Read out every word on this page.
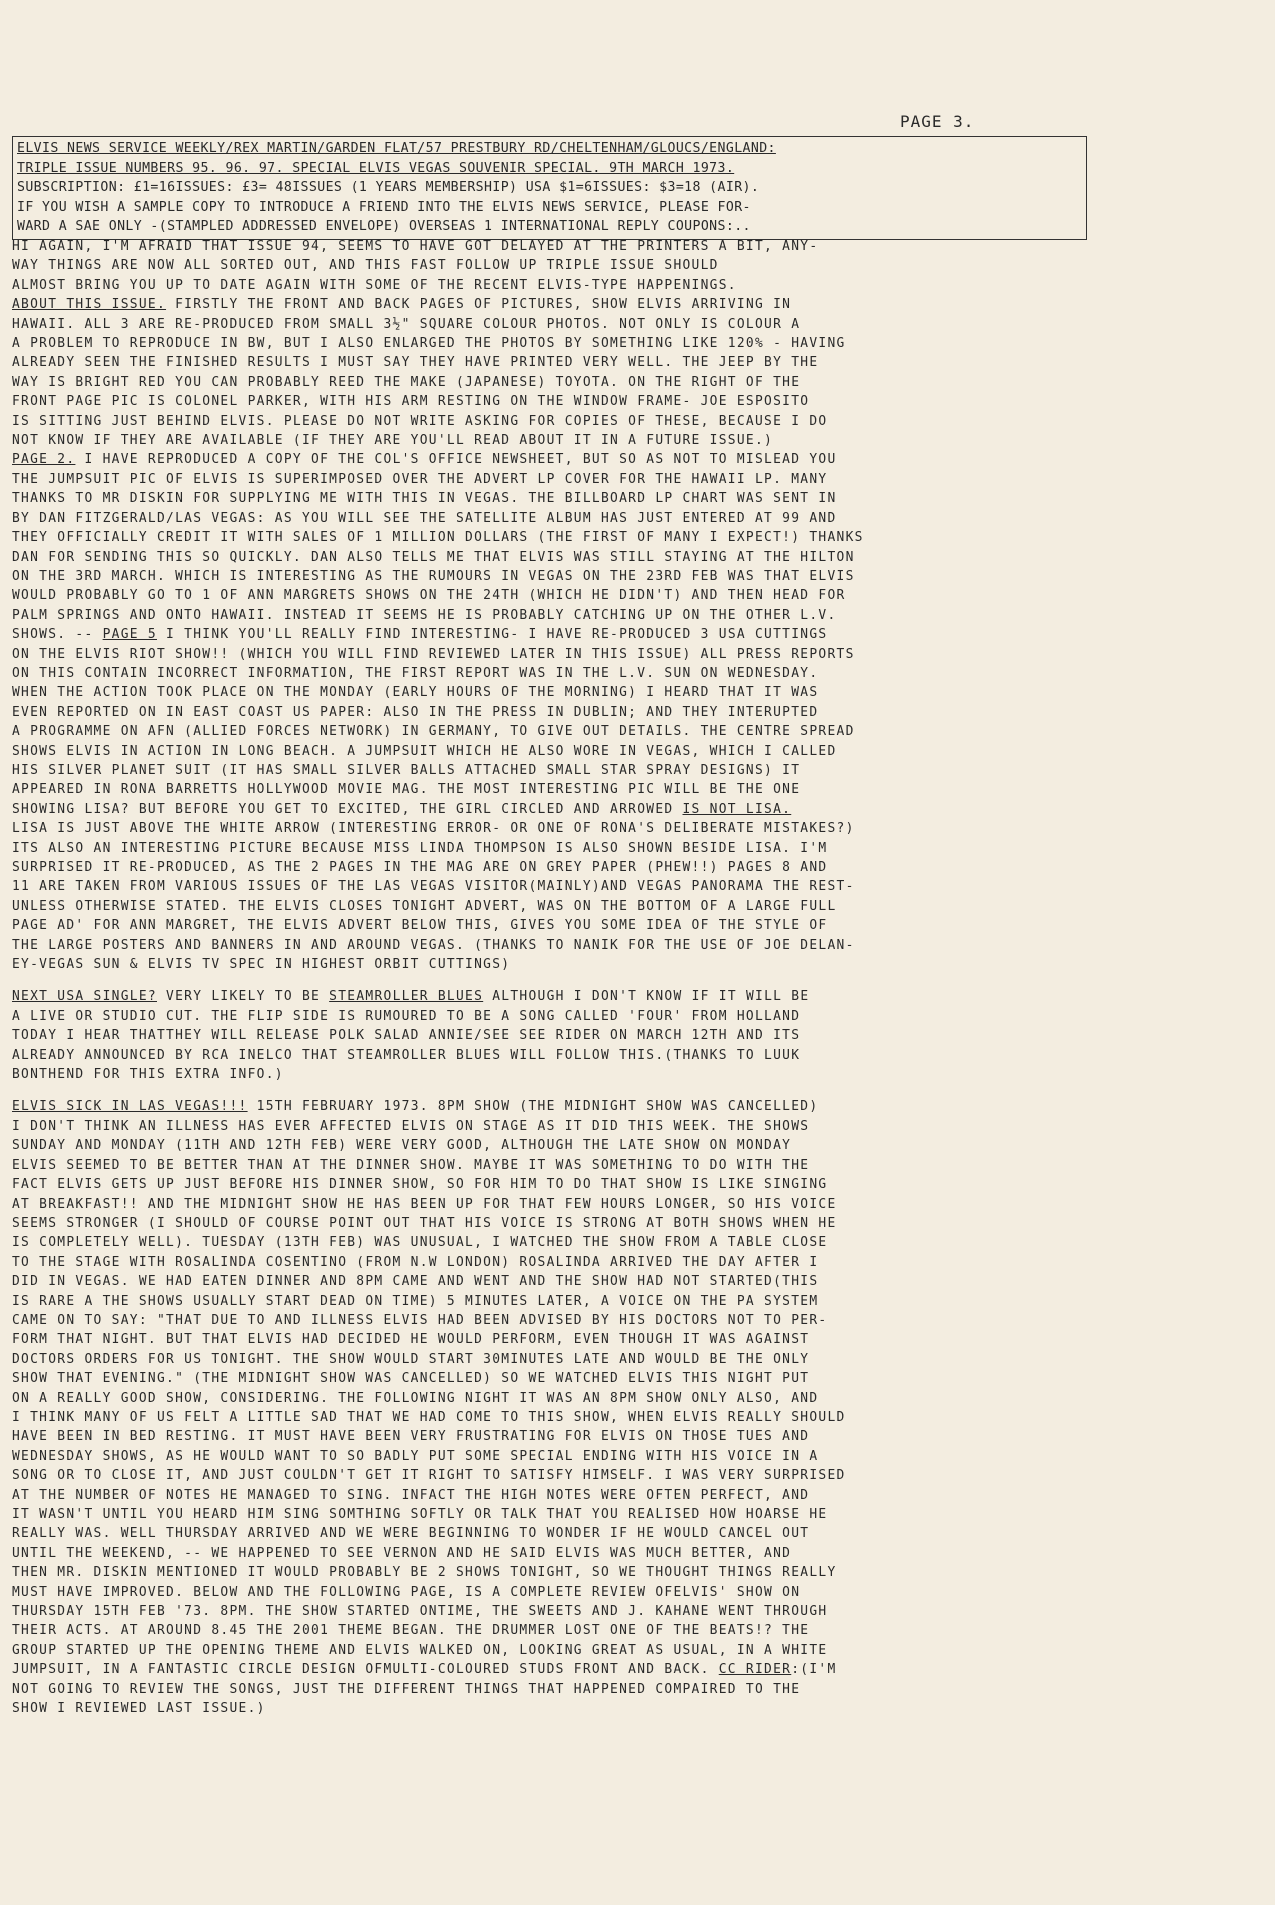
PAGE 3.
ELVIS NEWS SERVICE WEEKLY/REX MARTIN/GARDEN FLAT/57 PRESTBURY RD/CHELTENHAM/GLOUCS/ENGLAND:
TRIPLE ISSUE NUMBERS 95. 96. 97. SPECIAL ELVIS VEGAS SOUVENIR SPECIAL. 9TH MARCH 1973.
SUBSCRIPTION: £1=16ISSUES: £3= 48ISSUES (1 YEARS MEMBERSHIP) USA $1=6ISSUES: $3=18 (AIR).
IF YOU WISH A SAMPLE COPY TO INTRODUCE A FRIEND INTO THE ELVIS NEWS SERVICE, PLEASE FOR-
WARD A SAE ONLY -(STAMPLED ADDRESSED ENVELOPE) OVERSEAS 1 INTERNATIONAL REPLY COUPONS:..

HI AGAIN, I'M AFRAID THAT ISSUE 94, SEEMS TO HAVE GOT DELAYED AT THE PRINTERS A BIT, ANY-

WAY THINGS ARE NOW ALL SORTED OUT, AND THIS FAST FOLLOW UP TRIPLE ISSUE SHOULD

ALMOST BRING YOU UP TO DATE AGAIN WITH SOME OF THE RECENT ELVIS-TYPE HAPPENINGS.

ABOUT THIS ISSUE. FIRSTLY THE FRONT AND BACK PAGES OF PICTURES, SHOW ELVIS ARRIVING IN

HAWAII. ALL 3 ARE RE-PRODUCED FROM SMALL 3½" SQUARE COLOUR PHOTOS. NOT ONLY IS COLOUR A

A PROBLEM TO REPRODUCE IN BW, BUT I ALSO ENLARGED THE PHOTOS BY SOMETHING LIKE 120% - HAVING

ALREADY SEEN THE FINISHED RESULTS I MUST SAY THEY HAVE PRINTED VERY WELL. THE JEEP BY THE

WAY IS BRIGHT RED YOU CAN PROBABLY REED THE MAKE (JAPANESE) TOYOTA. ON THE RIGHT OF THE

FRONT PAGE PIC IS COLONEL PARKER, WITH HIS ARM RESTING ON THE WINDOW FRAME- JOE ESPOSITO

IS SITTING JUST BEHIND ELVIS. PLEASE DO NOT WRITE ASKING FOR COPIES OF THESE, BECAUSE I DO

NOT KNOW IF THEY ARE AVAILABLE (IF THEY ARE YOU'LL READ ABOUT IT IN A FUTURE ISSUE.)

PAGE 2. I HAVE REPRODUCED A COPY OF THE COL'S OFFICE NEWSHEET, BUT SO AS NOT TO MISLEAD YOU

THE JUMPSUIT PIC OF ELVIS IS SUPERIMPOSED OVER THE ADVERT LP COVER FOR THE HAWAII LP. MANY

THANKS TO MR DISKIN FOR SUPPLYING ME WITH THIS IN VEGAS. THE BILLBOARD LP CHART WAS SENT IN

BY DAN FITZGERALD/LAS VEGAS: AS YOU WILL SEE THE SATELLITE ALBUM HAS JUST ENTERED AT 99 AND

THEY OFFICIALLY CREDIT IT WITH SALES OF 1 MILLION DOLLARS (THE FIRST OF MANY I EXPECT!) THANKS

DAN FOR SENDING THIS SO QUICKLY. DAN ALSO TELLS ME THAT ELVIS WAS STILL STAYING AT THE HILTON

ON THE 3RD MARCH. WHICH IS INTERESTING AS THE RUMOURS IN VEGAS ON THE 23RD FEB WAS THAT ELVIS

WOULD PROBABLY GO TO 1 OF ANN MARGRETS SHOWS ON THE 24TH (WHICH HE DIDN'T) AND THEN HEAD FOR

PALM SPRINGS AND ONTO HAWAII. INSTEAD IT SEEMS HE IS PROBABLY CATCHING UP ON THE OTHER L.V.

SHOWS. -- PAGE 5 I THINK YOU'LL REALLY FIND INTERESTING- I HAVE RE-PRODUCED 3 USA CUTTINGS

ON THE ELVIS RIOT SHOW!! (WHICH YOU WILL FIND REVIEWED LATER IN THIS ISSUE) ALL PRESS REPORTS

ON THIS CONTAIN INCORRECT INFORMATION, THE FIRST REPORT WAS IN THE L.V. SUN ON WEDNESDAY.

WHEN THE ACTION TOOK PLACE ON THE MONDAY (EARLY HOURS OF THE MORNING) I HEARD THAT IT WAS

EVEN REPORTED ON IN EAST COAST US PAPER: ALSO IN THE PRESS IN DUBLIN; AND THEY INTERUPTED

A PROGRAMME ON AFN (ALLIED FORCES NETWORK) IN GERMANY, TO GIVE OUT DETAILS. THE CENTRE SPREAD

SHOWS ELVIS IN ACTION IN LONG BEACH. A JUMPSUIT WHICH HE ALSO WORE IN VEGAS, WHICH I CALLED

HIS SILVER PLANET SUIT (IT HAS SMALL SILVER BALLS ATTACHED SMALL STAR SPRAY DESIGNS) IT

APPEARED IN RONA BARRETTS HOLLYWOOD MOVIE MAG. THE MOST INTERESTING PIC WILL BE THE ONE

SHOWING LISA? BUT BEFORE YOU GET TO EXCITED, THE GIRL CIRCLED AND ARROWED IS NOT LISA.

LISA IS JUST ABOVE THE WHITE ARROW (INTERESTING ERROR- OR ONE OF RONA'S DELIBERATE MISTAKES?)

ITS ALSO AN INTERESTING PICTURE BECAUSE MISS LINDA THOMPSON IS ALSO SHOWN BESIDE LISA. I'M

SURPRISED IT RE-PRODUCED, AS THE 2 PAGES IN THE MAG ARE ON GREY PAPER (PHEW!!) PAGES 8 AND

11 ARE TAKEN FROM VARIOUS ISSUES OF THE LAS VEGAS VISITOR(MAINLY)AND VEGAS PANORAMA THE REST-

UNLESS OTHERWISE STATED. THE ELVIS CLOSES TONIGHT ADVERT, WAS ON THE BOTTOM OF A LARGE FULL

PAGE AD' FOR ANN MARGRET, THE ELVIS ADVERT BELOW THIS, GIVES YOU SOME IDEA OF THE STYLE OF

THE LARGE POSTERS AND BANNERS IN AND AROUND VEGAS. (THANKS TO NANIK FOR THE USE OF JOE DELAN-

EY-VEGAS SUN & ELVIS TV SPEC IN HIGHEST ORBIT CUTTINGS)

NEXT USA SINGLE? VERY LIKELY TO BE STEAMROLLER BLUES ALTHOUGH I DON'T KNOW IF IT WILL BE

A LIVE OR STUDIO CUT. THE FLIP SIDE IS RUMOURED TO BE A SONG CALLED 'FOUR' FROM HOLLAND

TODAY I HEAR THATTHEY WILL RELEASE POLK SALAD ANNIE/SEE SEE RIDER ON MARCH 12TH AND ITS

ALREADY ANNOUNCED BY RCA INELCO THAT STEAMROLLER BLUES WILL FOLLOW THIS.(THANKS TO LUUK

BONTHEND FOR THIS EXTRA INFO.)

ELVIS SICK IN LAS VEGAS!!! 15TH FEBRUARY 1973. 8PM SHOW (THE MIDNIGHT SHOW WAS CANCELLED)

I DON'T THINK AN ILLNESS HAS EVER AFFECTED ELVIS ON STAGE AS IT DID THIS WEEK. THE SHOWS

SUNDAY AND MONDAY (11TH AND 12TH FEB) WERE VERY GOOD, ALTHOUGH THE LATE SHOW ON MONDAY

ELVIS SEEMED TO BE BETTER THAN AT THE DINNER SHOW. MAYBE IT WAS SOMETHING TO DO WITH THE

FACT ELVIS GETS UP JUST BEFORE HIS DINNER SHOW, SO FOR HIM TO DO THAT SHOW IS LIKE SINGING

AT BREAKFAST!! AND THE MIDNIGHT SHOW HE HAS BEEN UP FOR THAT FEW HOURS LONGER, SO HIS VOICE

SEEMS STRONGER (I SHOULD OF COURSE POINT OUT THAT HIS VOICE IS STRONG AT BOTH SHOWS WHEN HE

IS COMPLETELY WELL). TUESDAY (13TH FEB) WAS UNUSUAL, I WATCHED THE SHOW FROM A TABLE CLOSE

TO THE STAGE WITH ROSALINDA COSENTINO (FROM N.W LONDON) ROSALINDA ARRIVED THE DAY AFTER I

DID IN VEGAS. WE HAD EATEN DINNER AND 8PM CAME AND WENT AND THE SHOW HAD NOT STARTED(THIS

IS RARE A THE SHOWS USUALLY START DEAD ON TIME) 5 MINUTES LATER, A VOICE ON THE PA SYSTEM

CAME ON TO SAY: "THAT DUE TO AND ILLNESS ELVIS HAD BEEN ADVISED BY HIS DOCTORS NOT TO PER-

FORM THAT NIGHT. BUT THAT ELVIS HAD DECIDED HE WOULD PERFORM, EVEN THOUGH IT WAS AGAINST

DOCTORS ORDERS FOR US TONIGHT. THE SHOW WOULD START 30MINUTES LATE AND WOULD BE THE ONLY

SHOW THAT EVENING." (THE MIDNIGHT SHOW WAS CANCELLED) SO WE WATCHED ELVIS THIS NIGHT PUT

ON A REALLY GOOD SHOW, CONSIDERING. THE FOLLOWING NIGHT IT WAS AN 8PM SHOW ONLY ALSO, AND

I THINK MANY OF US FELT A LITTLE SAD THAT WE HAD COME TO THIS SHOW, WHEN ELVIS REALLY SHOULD

HAVE BEEN IN BED RESTING. IT MUST HAVE BEEN VERY FRUSTRATING FOR ELVIS ON THOSE TUES AND

WEDNESDAY SHOWS, AS HE WOULD WANT TO SO BADLY PUT SOME SPECIAL ENDING WITH HIS VOICE IN A

SONG OR TO CLOSE IT, AND JUST COULDN'T GET IT RIGHT TO SATISFY HIMSELF. I WAS VERY SURPRISED

AT THE NUMBER OF NOTES HE MANAGED TO SING. INFACT THE HIGH NOTES WERE OFTEN PERFECT, AND

IT WASN'T UNTIL YOU HEARD HIM SING SOMTHING SOFTLY OR TALK THAT YOU REALISED HOW HOARSE HE

REALLY WAS. WELL THURSDAY ARRIVED AND WE WERE BEGINNING TO WONDER IF HE WOULD CANCEL OUT

UNTIL THE WEEKEND, -- WE HAPPENED TO SEE VERNON AND HE SAID ELVIS WAS MUCH BETTER, AND

THEN MR. DISKIN MENTIONED IT WOULD PROBABLY BE 2 SHOWS TONIGHT, SO WE THOUGHT THINGS REALLY

MUST HAVE IMPROVED. BELOW AND THE FOLLOWING PAGE, IS A COMPLETE REVIEW OFELVIS' SHOW ON

THURSDAY 15TH FEB '73. 8PM. THE SHOW STARTED ONTIME, THE SWEETS AND J. KAHANE WENT THROUGH

THEIR ACTS. AT AROUND 8.45 THE 2001 THEME BEGAN. THE DRUMMER LOST ONE OF THE BEATS!? THE

GROUP STARTED UP THE OPENING THEME AND ELVIS WALKED ON, LOOKING GREAT AS USUAL, IN A WHITE

JUMPSUIT, IN A FANTASTIC CIRCLE DESIGN OFMULTI-COLOURED STUDS FRONT AND BACK. CC RIDER:(I'M

NOT GOING TO REVIEW THE SONGS, JUST THE DIFFERENT THINGS THAT HAPPENED COMPAIRED TO THE

SHOW I REVIEWED LAST ISSUE.)
